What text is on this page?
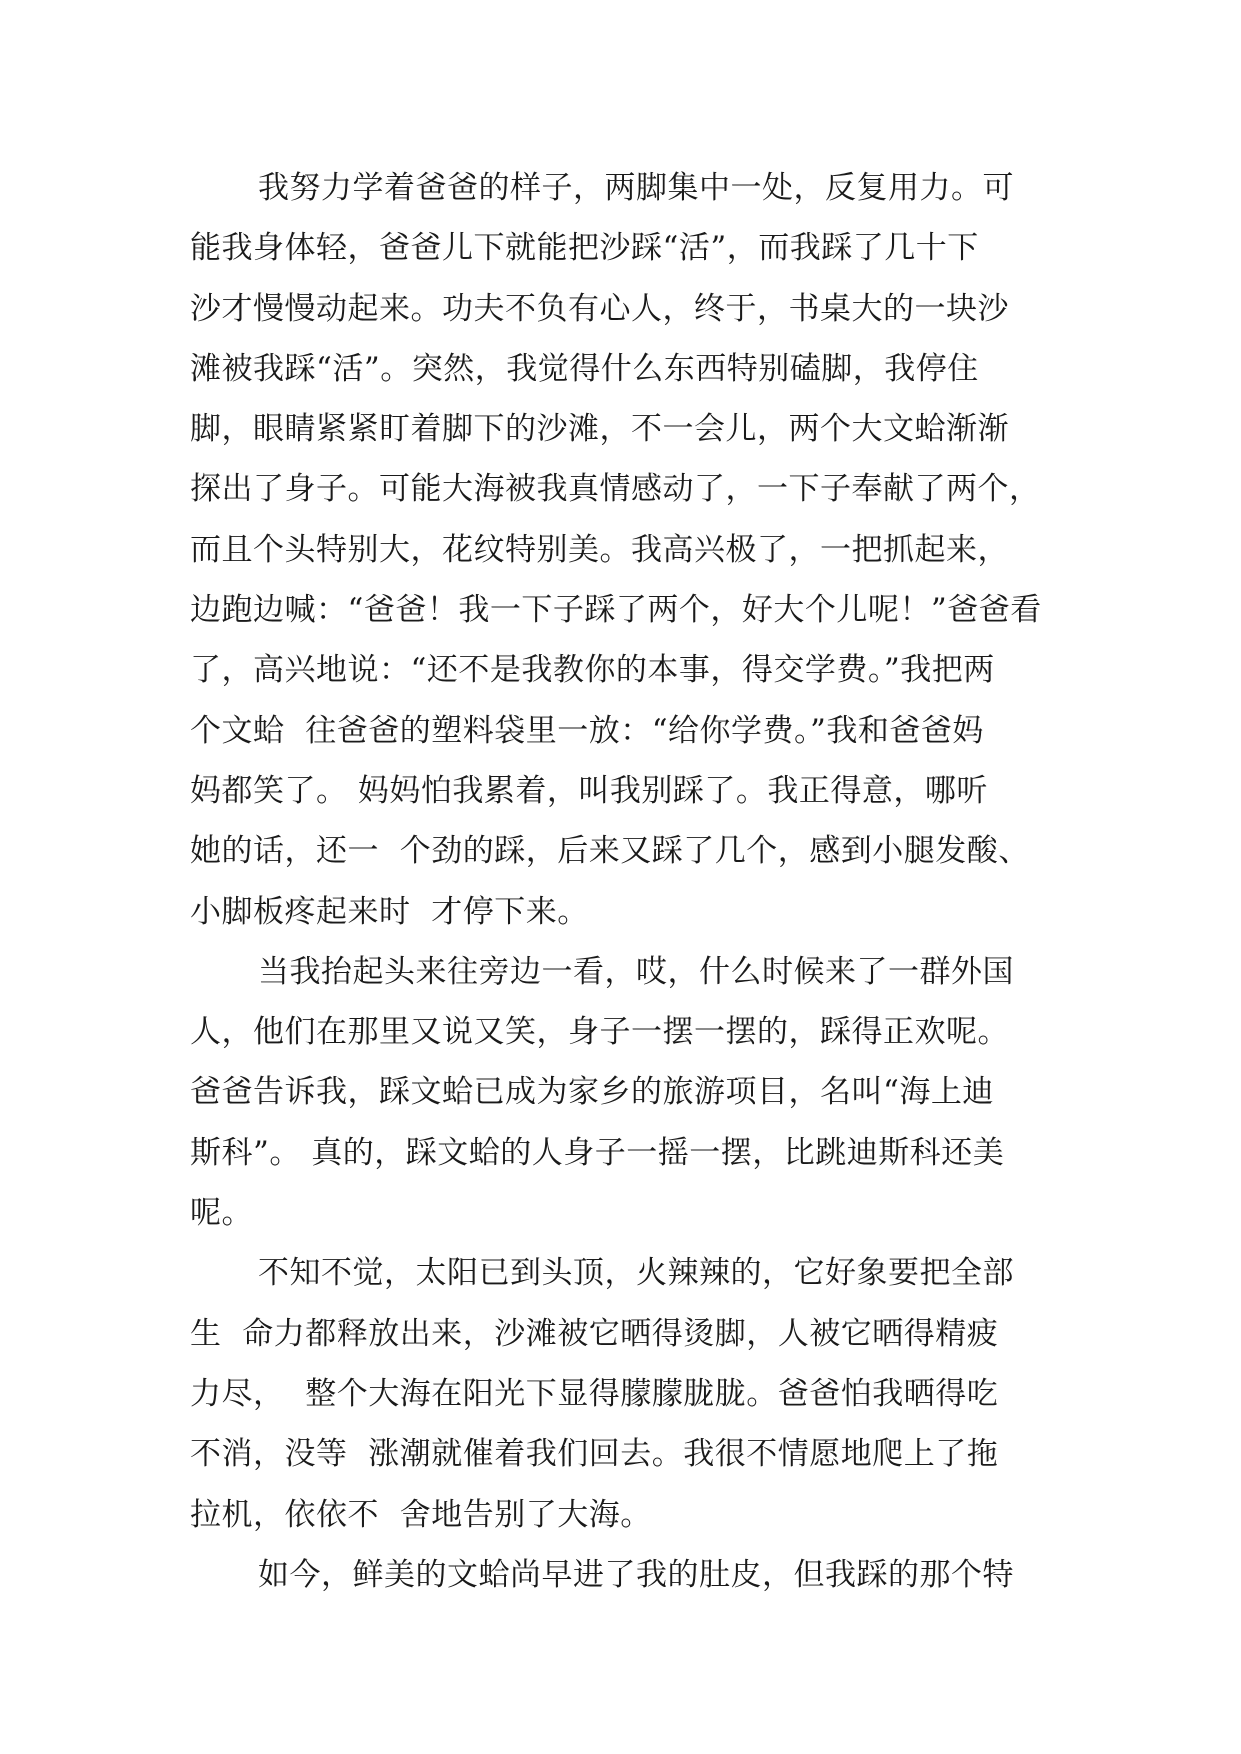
我努力学着爸爸的样子，两脚集中一处，反复用力。可
能我身体轻，爸爸儿下就能把沙踩“活”，而我踩了几十下
沙才慢慢动起来。功夫不负有心人，终于，书桌大的一块沙
滩被我踩“活”。突然，我觉得什么东西特别磕脚，我停住
脚，眼睛紧紧盯着脚下的沙滩，不一会儿，两个大文蛤渐渐
探出了身子。可能大海被我真情感动了，一下子奉献了两个，
而且个头特别大，花纹特别美。我高兴极了，一把抓起来，
边跑边喊：“爸爸！我一下子踩了两个，好大个儿呢！”爸爸看
了，高兴地说：“还不是我教你的本事，得交学费。”我把两
个文蛤  往爸爸的塑料袋里一放：“给你学费。”我和爸爸妈
妈都笑了。 妈妈怕我累着，叫我别踩了。我正得意，哪听
她的话，还一  个劲的踩，后来又踩了几个，感到小腿发酸、
小脚板疼起来时  才停下来。
当我抬起头来往旁边一看，哎，什么时候来了一群外国
人，他们在那里又说又笑，身子一摆一摆的，踩得正欢呢。
爸爸告诉我，踩文蛤已成为家乡的旅游项目，名叫“海上迪
斯科”。 真的，踩文蛤的人身子一摇一摆，比跳迪斯科还美
呢。
不知不觉，太阳已到头顶，火辣辣的，它好象要把全部
生  命力都释放出来，沙滩被它晒得烫脚，人被它晒得精疲
力尽，  整个大海在阳光下显得朦朦胧胧。爸爸怕我晒得吃
不消，没等  涨潮就催着我们回去。我很不情愿地爬上了拖
拉机，依依不  舍地告别了大海。
如今，鲜美的文蛤尚早进了我的肚皮，但我踩的那个特
